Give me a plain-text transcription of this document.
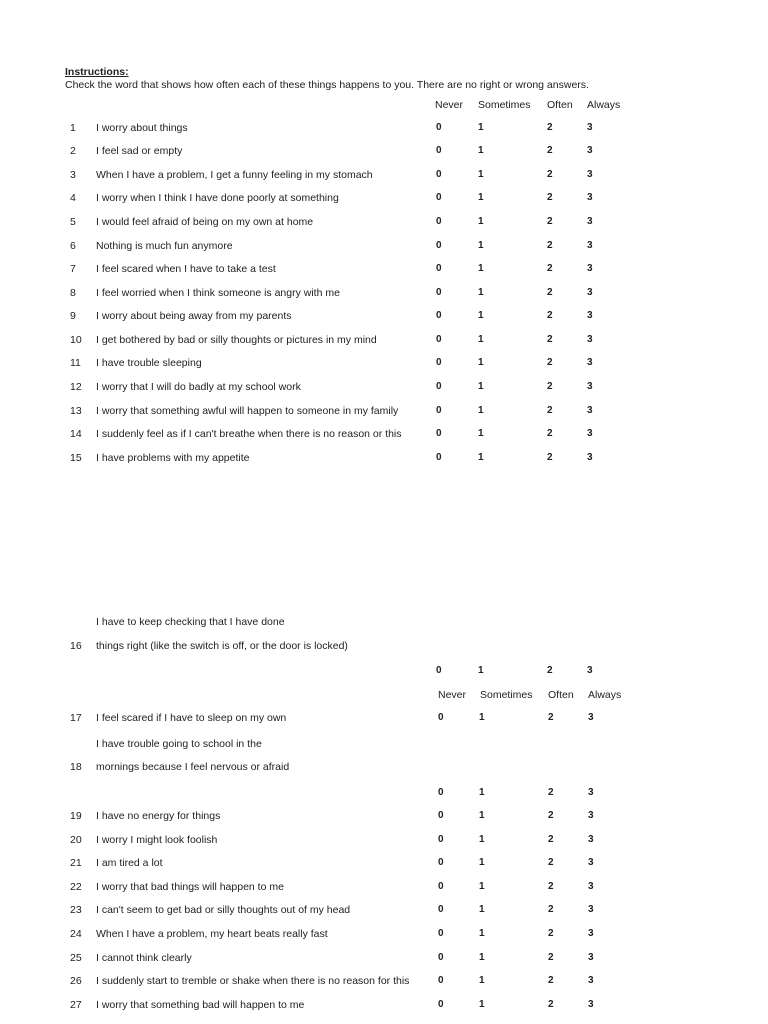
Instructions:
Check the word that shows how often each of these things happens to you. There are no right or wrong answers.
Never Sometimes Often Always
1 I worry about things	0	1	2	3
2 I feel sad or empty	0	1	2	3
3 When I have a problem, I get a funny feeling in my stomach	0	1	2	3
4 I worry when I think I have done poorly at something	0	1	2	3
5 I would feel afraid of being on my own at home	0	1	2	3
6 Nothing is much fun anymore	0	1	2	3
7 I feel scared when I have to take a test	0	1	2	3
8 I feel worried when I think someone is angry with me	0	1	2	3
9 I worry about being away from my parents	0	1	2	3
10 I get bothered by bad or silly thoughts or pictures in my mind	0	1	2	3
11 I have trouble sleeping	0	1	2	3
12 I worry that I will do badly at my school work	0	1	2	3
13 I worry that something awful will happen to someone in my family	0	1	2	3
14 I suddenly feel as if I can't breathe when there is no reason or this	0	1	2	3
15 I have problems with my appetite	0	1	2	3
I have to keep checking that I have done
16 things right (like the switch is off, or the door is locked)
0	1	2	3
Never Sometimes Often Always
17 I feel scared if I have to sleep on my own	0	1	2	3
I have trouble going to school in the
18 mornings because I feel nervous or afraid
0	1	2	3
19 I have no energy for things	0	1	2	3
20 I worry I might look foolish	0	1	2	3
21 I am tired a lot	0	1	2	3
22 I worry that bad things will happen to me	0	1	2	3
23 I can't seem to get bad or silly thoughts out of my head	0	1	2	3
24 When I have a problem, my heart beats really fast	0	1	2	3
25 I cannot think clearly	0	1	2	3
26 I suddenly start to tremble or shake when there is no reason for this	0	1	2	3
27 I worry that something bad will happen to me	0	1	2	3
